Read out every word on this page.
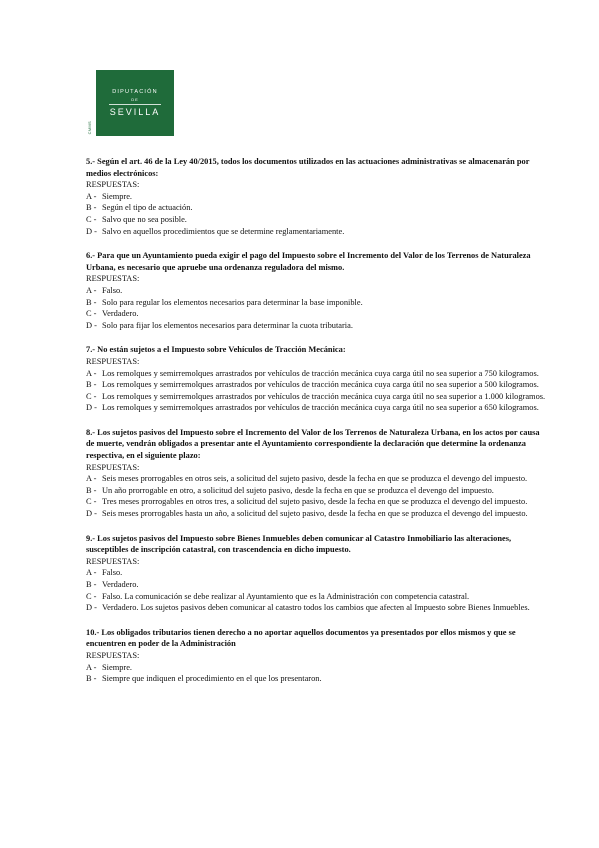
CMMS
DIPUTACIÓN
DE
SEVILLA
5.- Según el art. 46 de la Ley 40/2015, todos los documentos utilizados en las actuaciones administrativas se almacenarán por medios electrónicos:
RESPUESTAS:
A - Siempre.
B - Según el tipo de actuación.
C - Salvo que no sea posible.
D - Salvo en aquellos procedimientos que se determine reglamentariamente.
6.- Para que un Ayuntamiento pueda exigir el pago del Impuesto sobre el Incremento del Valor de los Terrenos de Naturaleza Urbana, es necesario que apruebe una ordenanza reguladora del mismo.
RESPUESTAS:
A - Falso.
B - Solo para regular los elementos necesarios para determinar la base imponible.
C - Verdadero.
D - Solo para fijar los elementos necesarios para determinar la cuota tributaria.
7.- No están sujetos a el Impuesto sobre Vehículos de Tracción Mecánica:
RESPUESTAS:
A - Los remolques y semirremolques arrastrados por vehículos de tracción mecánica cuya carga útil no sea superior a 750 kilogramos.
B - Los remolques y semirremolques arrastrados por vehículos de tracción mecánica cuya carga útil no sea superior a 500 kilogramos.
C - Los remolques y semirremolques arrastrados por vehículos de tracción mecánica cuya carga útil no sea superior a 1.000 kilogramos.
D - Los remolques y semirremolques arrastrados por vehículos de tracción mecánica cuya carga útil no sea superior a 650 kilogramos.
8.- Los sujetos pasivos del Impuesto sobre el Incremento del Valor de los Terrenos de Naturaleza Urbana, en los actos por causa de muerte, vendrán obligados a presentar ante el Ayuntamiento correspondiente la declaración que determine la ordenanza respectiva, en el siguiente plazo:
RESPUESTAS:
A - Seis meses prorrogables en otros seis, a solicitud del sujeto pasivo, desde la fecha en que se produzca el devengo del impuesto.
B - Un año prorrogable en otro, a solicitud del sujeto pasivo, desde la fecha en que se produzca el devengo del impuesto.
C - Tres meses prorrogables en otros tres, a solicitud del sujeto pasivo, desde la fecha en que se produzca el devengo del impuesto.
D - Seis meses prorrogables hasta un año, a solicitud del sujeto pasivo, desde la fecha en que se produzca el devengo del impuesto.
9.- Los sujetos pasivos del Impuesto sobre Bienes Inmuebles deben comunicar al Catastro Inmobiliario las alteraciones, susceptibles de inscripción catastral, con trascendencia en dicho impuesto.
RESPUESTAS:
A - Falso.
B - Verdadero.
C - Falso. La comunicación se debe realizar al Ayuntamiento que es la Administración con competencia catastral.
D - Verdadero. Los sujetos pasivos deben comunicar al catastro todos los cambios que afecten al Impuesto sobre Bienes Inmuebles.
10.- Los obligados tributarios tienen derecho a no aportar aquellos documentos ya presentados por ellos mismos y que se encuentren en poder de la Administración
RESPUESTAS:
A - Siempre.
B - Siempre que indiquen el procedimiento en el que los presentaron.
